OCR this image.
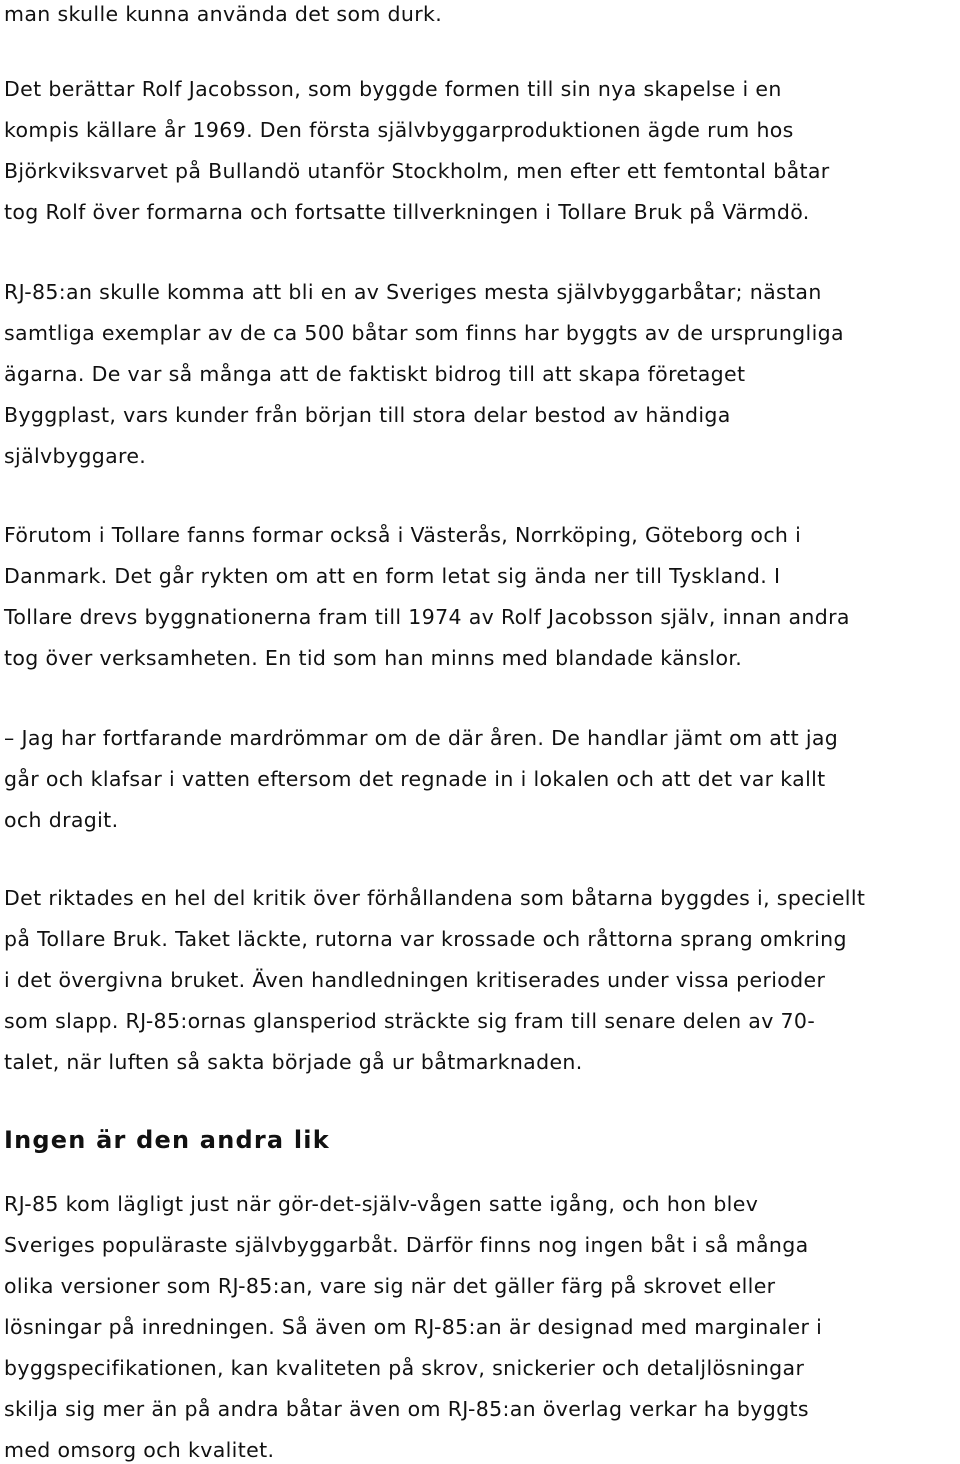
man skulle kunna använda det som durk.
Det berättar Rolf Jacobsson, som byggde formen till sin nya skapelse i en
kompis källare år 1969. Den första självbyggarproduktionen ägde rum hos
Björkviksvarvet på Bullandö utanför Stockholm, men efter ett femtontal båtar
tog Rolf över formarna och fortsatte tillverkningen i Tollare Bruk på Värmdö.
RJ-85:an skulle komma att bli en av Sveriges mesta självbyggarbåtar; nästan
samtliga exemplar av de ca 500 båtar som finns har byggts av de ursprungliga
ägarna. De var så många att de faktiskt bidrog till att skapa företaget
Byggplast, vars kunder från början till stora delar bestod av händiga
självbyggare.
Förutom i Tollare fanns formar också i Västerås, Norrköping, Göteborg och i
Danmark. Det går rykten om att en form letat sig ända ner till Tyskland. I
Tollare drevs byggnationerna fram till 1974 av Rolf Jacobsson själv, innan andra
tog över verksamheten. En tid som han minns med blandade känslor.
– Jag har fortfarande mardrömmar om de där åren. De handlar jämt om att jag
går och klafsar i vatten eftersom det regnade in i lokalen och att det var kallt
och dragit.
Det riktades en hel del kritik över förhållandena som båtarna byggdes i, speciellt
på Tollare Bruk. Taket läckte, rutorna var krossade och råttorna sprang omkring
i det övergivna bruket. Även handledningen kritiserades under vissa perioder
som slapp. RJ-85:ornas glansperiod sträckte sig fram till senare delen av 70-
talet, när luften så sakta började gå ur båtmarknaden.
Ingen är den andra lik
RJ-85 kom lägligt just när gör-det-själv-vågen satte igång, och hon blev
Sveriges populäraste självbyggarbåt. Därför finns nog ingen båt i så många
olika versioner som RJ-85:an, vare sig när det gäller färg på skrovet eller
lösningar på inredningen. Så även om RJ-85:an är designad med marginaler i
byggspecifikationen, kan kvaliteten på skrov, snickerier och detaljlösningar
skilja sig mer än på andra båtar även om RJ-85:an överlag verkar ha byggts
med omsorg och kvalitet.
